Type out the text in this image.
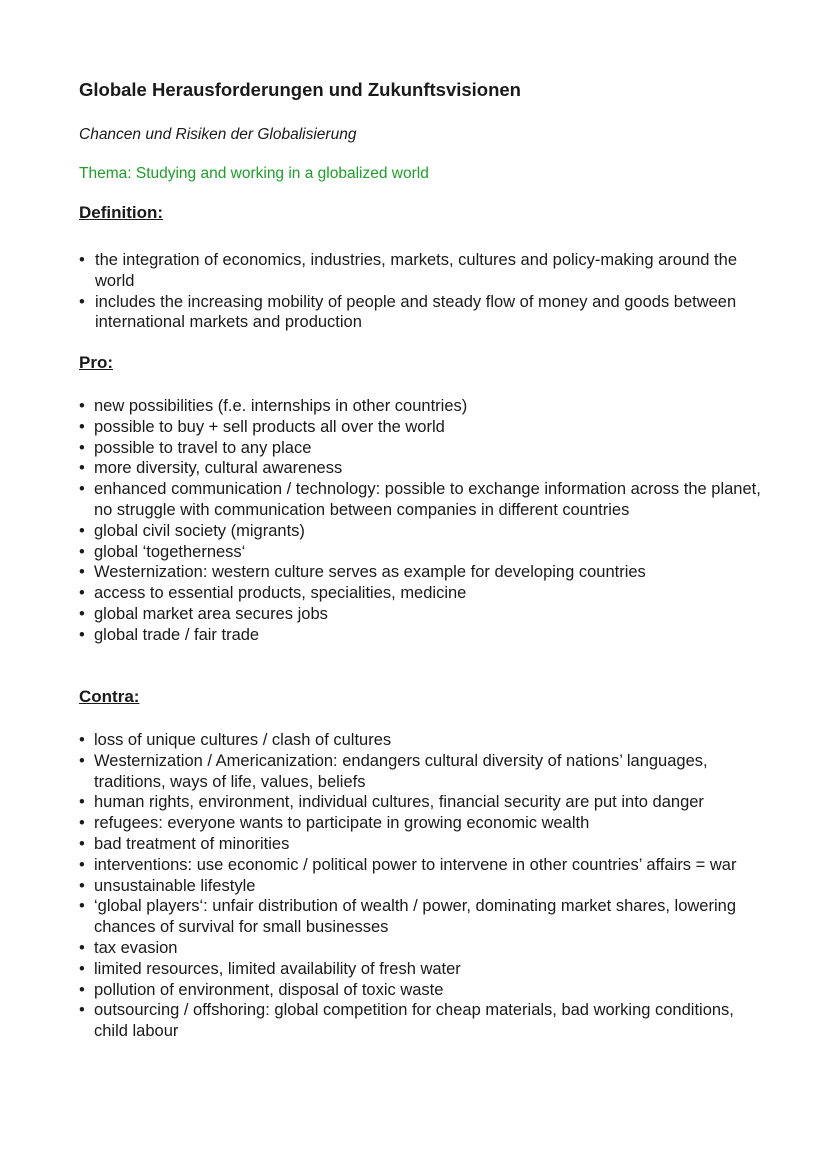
Globale Herausforderungen und Zukunftsvisionen

Chancen und Risiken der Globalisierung

Thema: Studying and working in a globalized world

Definition:
• the integration of economics, industries, markets, cultures and policy-making around the world
• includes the increasing mobility of people and steady flow of money and goods between international markets and production
Pro:
• new possibilities (f.e. internships in other countries)
• possible to buy + sell products all over the world
• possible to travel to any place
• more diversity, cultural awareness
• enhanced communication / technology: possible to exchange information across the planet, no struggle with communication between companies in different countries
• global civil society (migrants)
• global ‘togetherness‘
• Westernization: western culture serves as example for developing countries
• access to essential products, specialities, medicine
• global market area secures jobs
• global trade / fair trade
Contra:
• loss of unique cultures / clash of cultures
• Westernization / Americanization: endangers cultural diversity of nations’ languages, traditions, ways of life, values, beliefs
• human rights, environment, individual cultures, financial security are put into danger
• refugees: everyone wants to participate in growing economic wealth
• bad treatment of minorities
• interventions: use economic / political power to intervene in other countries’ affairs = war
• unsustainable lifestyle
• ‘global players‘: unfair distribution of wealth / power, dominating market shares, lowering chances of survival for small businesses
• tax evasion
• limited resources, limited availability of fresh water
• pollution of environment, disposal of toxic waste
• outsourcing / offshoring: global competition for cheap materials, bad working conditions, child labour
